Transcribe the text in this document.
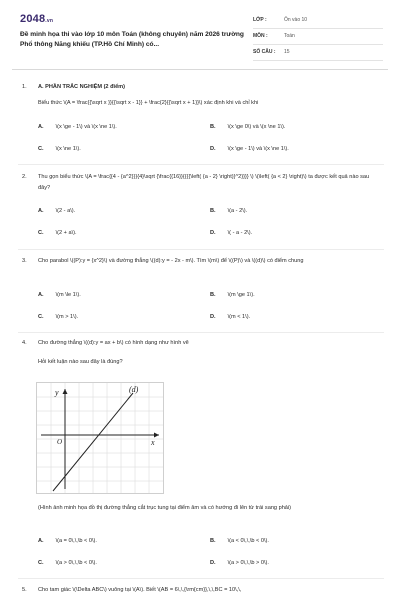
2048.vn
Đề minh họa thi vào lớp 10 môn Toán (không chuyên) năm 2026 trường Phổ thông Năng khiếu (TP.Hồ Chí Minh) có...
LỚP :	Ôn vào 10
MÔN :	Toán
SỐ CÂU : 15
1. A. PHẦN TRẮC NGHIỆM (2 điểm)
Biểu thức \(A = \frac{{\sqrt x }}{{\sqrt x - 1}} + \frac{2}{{\sqrt x + 1}}\) xác định khi và chỉ khi
A. \(x \ge - 1\) và \(x \ne 1\).	B. \(x \ge 0\) và \(x \ne 1\).
C. \(x \ne 1\).	D. \(x \ge - 1\) và \(x \ne 1\).
2. Thu gọn biểu thức \(A = \frac{{4 - {a^2}}}{4}\sqrt {\frac{{16}}{{{{\left( {a - 2} \right)}^2}}}} \) \(\left( {a < 2} \right)\) ta được kết quả nào sau đây?
A. \(2 - a\).	B. \(a - 2\).
C. \(2 + a\).	D. \( - a - 2\).
3. Cho parabol \((P):y = {x^2}\) và đường thẳng \((d):y = - 2x - m\). Tìm \(m\) để \((P)\) và \((d)\) có điểm chung
A. \(m \le 1\).	B. \(m \ge 1\).
C. \(m > 1\).	D. \(m < 1\).
4. Cho đường thẳng \((d):y = ax + b\) có hình dạng như hình vẽ
Hỏi kết luận nào sau đây là đúng?
y
x
O
(d)
(Hình ảnh minh họa đồ thị đường thẳng cắt trục tung tại điểm âm và có hướng đi lên từ trái sang phải)
A. \(a = 0\,\,\b < 0\).	B. \(a < 0\,\,\b < 0\).
C. \(a > 0\,\,\b < 0\).	D. \(a > 0\,\,\b > 0\).
5. Cho tam giác \(\Delta ABC\) vuông tại \(A\). Biết \(AB = 6\,\,{\rm{cm}},\,\,BC = 10\,\,
